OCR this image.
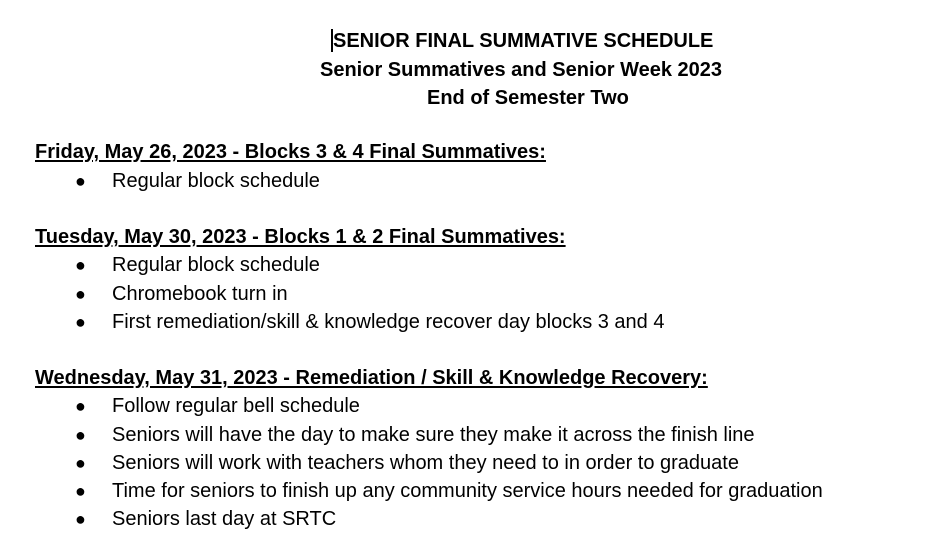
SENIOR FINAL SUMMATIVE SCHEDULE
Senior Summatives and Senior Week 2023
End of Semester Two
Friday, May 26, 2023 - Blocks 3 & 4 Final Summatives:
● Regular block schedule
Tuesday, May 30, 2023 - Blocks 1 & 2 Final Summatives:
● Regular block schedule
● Chromebook turn in
● First remediation/skill & knowledge recover day blocks 3 and 4
Wednesday, May 31, 2023 - Remediation / Skill & Knowledge Recovery:
● Follow regular bell schedule
● Seniors will have the day to make sure they make it across the finish line
● Seniors will work with teachers whom they need to in order to graduate
● Time for seniors to finish up any community service hours needed for graduation
● Seniors last day at SRTC
